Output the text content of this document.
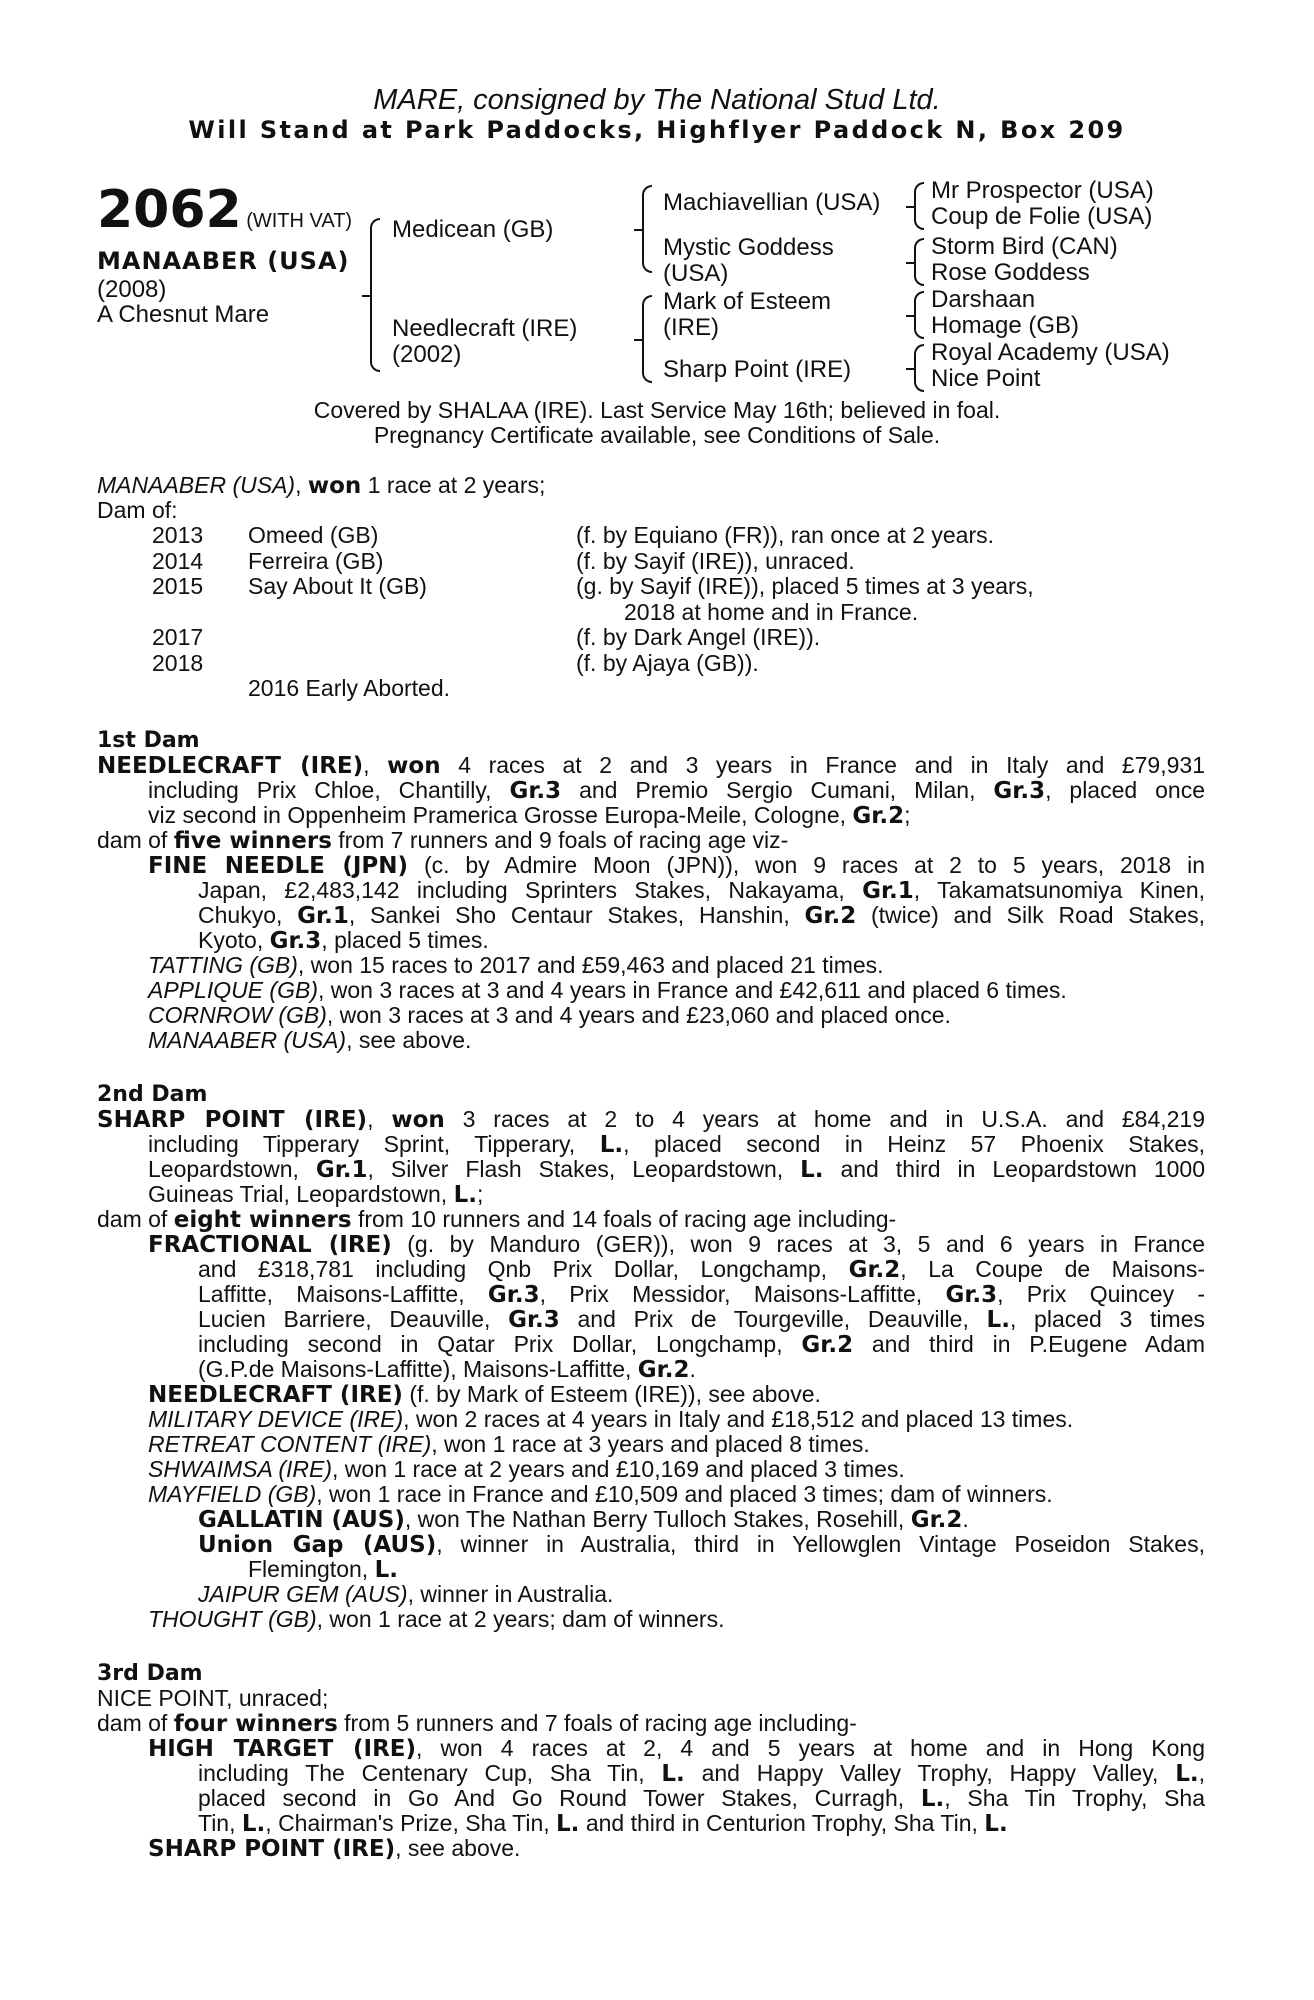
MARE, consigned by The National Stud Ltd.
Will Stand at Park Paddocks, Highflyer Paddock N, Box 209
2062 (WITH VAT)
MANAABER (USA)
(2008)
A Chesnut Mare
Medicean (GB)
Needlecraft (IRE)
(2002)
Machiavellian (USA)
Mystic Goddess
(USA)
Mark of Esteem
(IRE)
Sharp Point (IRE)
Mr Prospector (USA)
Coup de Folie (USA)
Storm Bird (CAN)
Rose Goddess
Darshaan
Homage (GB)
Royal Academy (USA)
Nice Point
Covered by SHALAA (IRE). Last Service May 16th; believed in foal.
Pregnancy Certificate available, see Conditions of Sale.
MANAABER (USA), won 1 race at 2 years;
Dam of:
2013
2014
2015
2017
2018
Omeed (GB)
Ferreira (GB)
Say About It (GB)
(f. by Equiano (FR)), ran once at 2 years.
(f. by Sayif (IRE)), unraced.
(g. by Sayif (IRE)), placed 5 times at 3 years,
2018 at home and in France.
(f. by Dark Angel (IRE)).
(f. by Ajaya (GB)).
2016 Early Aborted.
1st Dam
NEEDLECRAFT (IRE), won 4 races at 2 and 3 years in France and in Italy and £79,931
including Prix Chloe, Chantilly, Gr.3 and Premio Sergio Cumani, Milan, Gr.3, placed once
viz second in Oppenheim Pramerica Grosse Europa-Meile, Cologne, Gr.2;
dam of five winners from 7 runners and 9 foals of racing age viz-
FINE NEEDLE (JPN) (c. by Admire Moon (JPN)), won 9 races at 2 to 5 years, 2018 in
Japan, £2,483,142 including Sprinters Stakes, Nakayama, Gr.1, Takamatsunomiya Kinen,
Chukyo, Gr.1, Sankei Sho Centaur Stakes, Hanshin, Gr.2 (twice) and Silk Road Stakes,
Kyoto, Gr.3, placed 5 times.
TATTING (GB), won 15 races to 2017 and £59,463 and placed 21 times.
APPLIQUE (GB), won 3 races at 3 and 4 years in France and £42,611 and placed 6 times.
CORNROW (GB), won 3 races at 3 and 4 years and £23,060 and placed once.
MANAABER (USA), see above.
2nd Dam
SHARP POINT (IRE), won 3 races at 2 to 4 years at home and in U.S.A. and £84,219
including Tipperary Sprint, Tipperary, L., placed second in Heinz 57 Phoenix Stakes,
Leopardstown, Gr.1, Silver Flash Stakes, Leopardstown, L. and third in Leopardstown 1000
Guineas Trial, Leopardstown, L.;
dam of eight winners from 10 runners and 14 foals of racing age including-
FRACTIONAL (IRE) (g. by Manduro (GER)), won 9 races at 3, 5 and 6 years in France
and £318,781 including Qnb Prix Dollar, Longchamp, Gr.2, La Coupe de Maisons-
Laffitte, Maisons-Laffitte, Gr.3, Prix Messidor, Maisons-Laffitte, Gr.3, Prix Quincey -
Lucien Barriere, Deauville, Gr.3 and Prix de Tourgeville, Deauville, L., placed 3 times
including second in Qatar Prix Dollar, Longchamp, Gr.2 and third in P.Eugene Adam
(G.P.de Maisons-Laffitte), Maisons-Laffitte, Gr.2.
NEEDLECRAFT (IRE) (f. by Mark of Esteem (IRE)), see above.
MILITARY DEVICE (IRE), won 2 races at 4 years in Italy and £18,512 and placed 13 times.
RETREAT CONTENT (IRE), won 1 race at 3 years and placed 8 times.
SHWAIMSA (IRE), won 1 race at 2 years and £10,169 and placed 3 times.
MAYFIELD (GB), won 1 race in France and £10,509 and placed 3 times; dam of winners.
GALLATIN (AUS), won The Nathan Berry Tulloch Stakes, Rosehill, Gr.2.
Union Gap (AUS), winner in Australia, third in Yellowglen Vintage Poseidon Stakes,
Flemington, L.
JAIPUR GEM (AUS), winner in Australia.
THOUGHT (GB), won 1 race at 2 years; dam of winners.
3rd Dam
NICE POINT, unraced;
dam of four winners from 5 runners and 7 foals of racing age including-
HIGH TARGET (IRE), won 4 races at 2, 4 and 5 years at home and in Hong Kong
including The Centenary Cup, Sha Tin, L. and Happy Valley Trophy, Happy Valley, L.,
placed second in Go And Go Round Tower Stakes, Curragh, L., Sha Tin Trophy, Sha
Tin, L., Chairman's Prize, Sha Tin, L. and third in Centurion Trophy, Sha Tin, L.
SHARP POINT (IRE), see above.
